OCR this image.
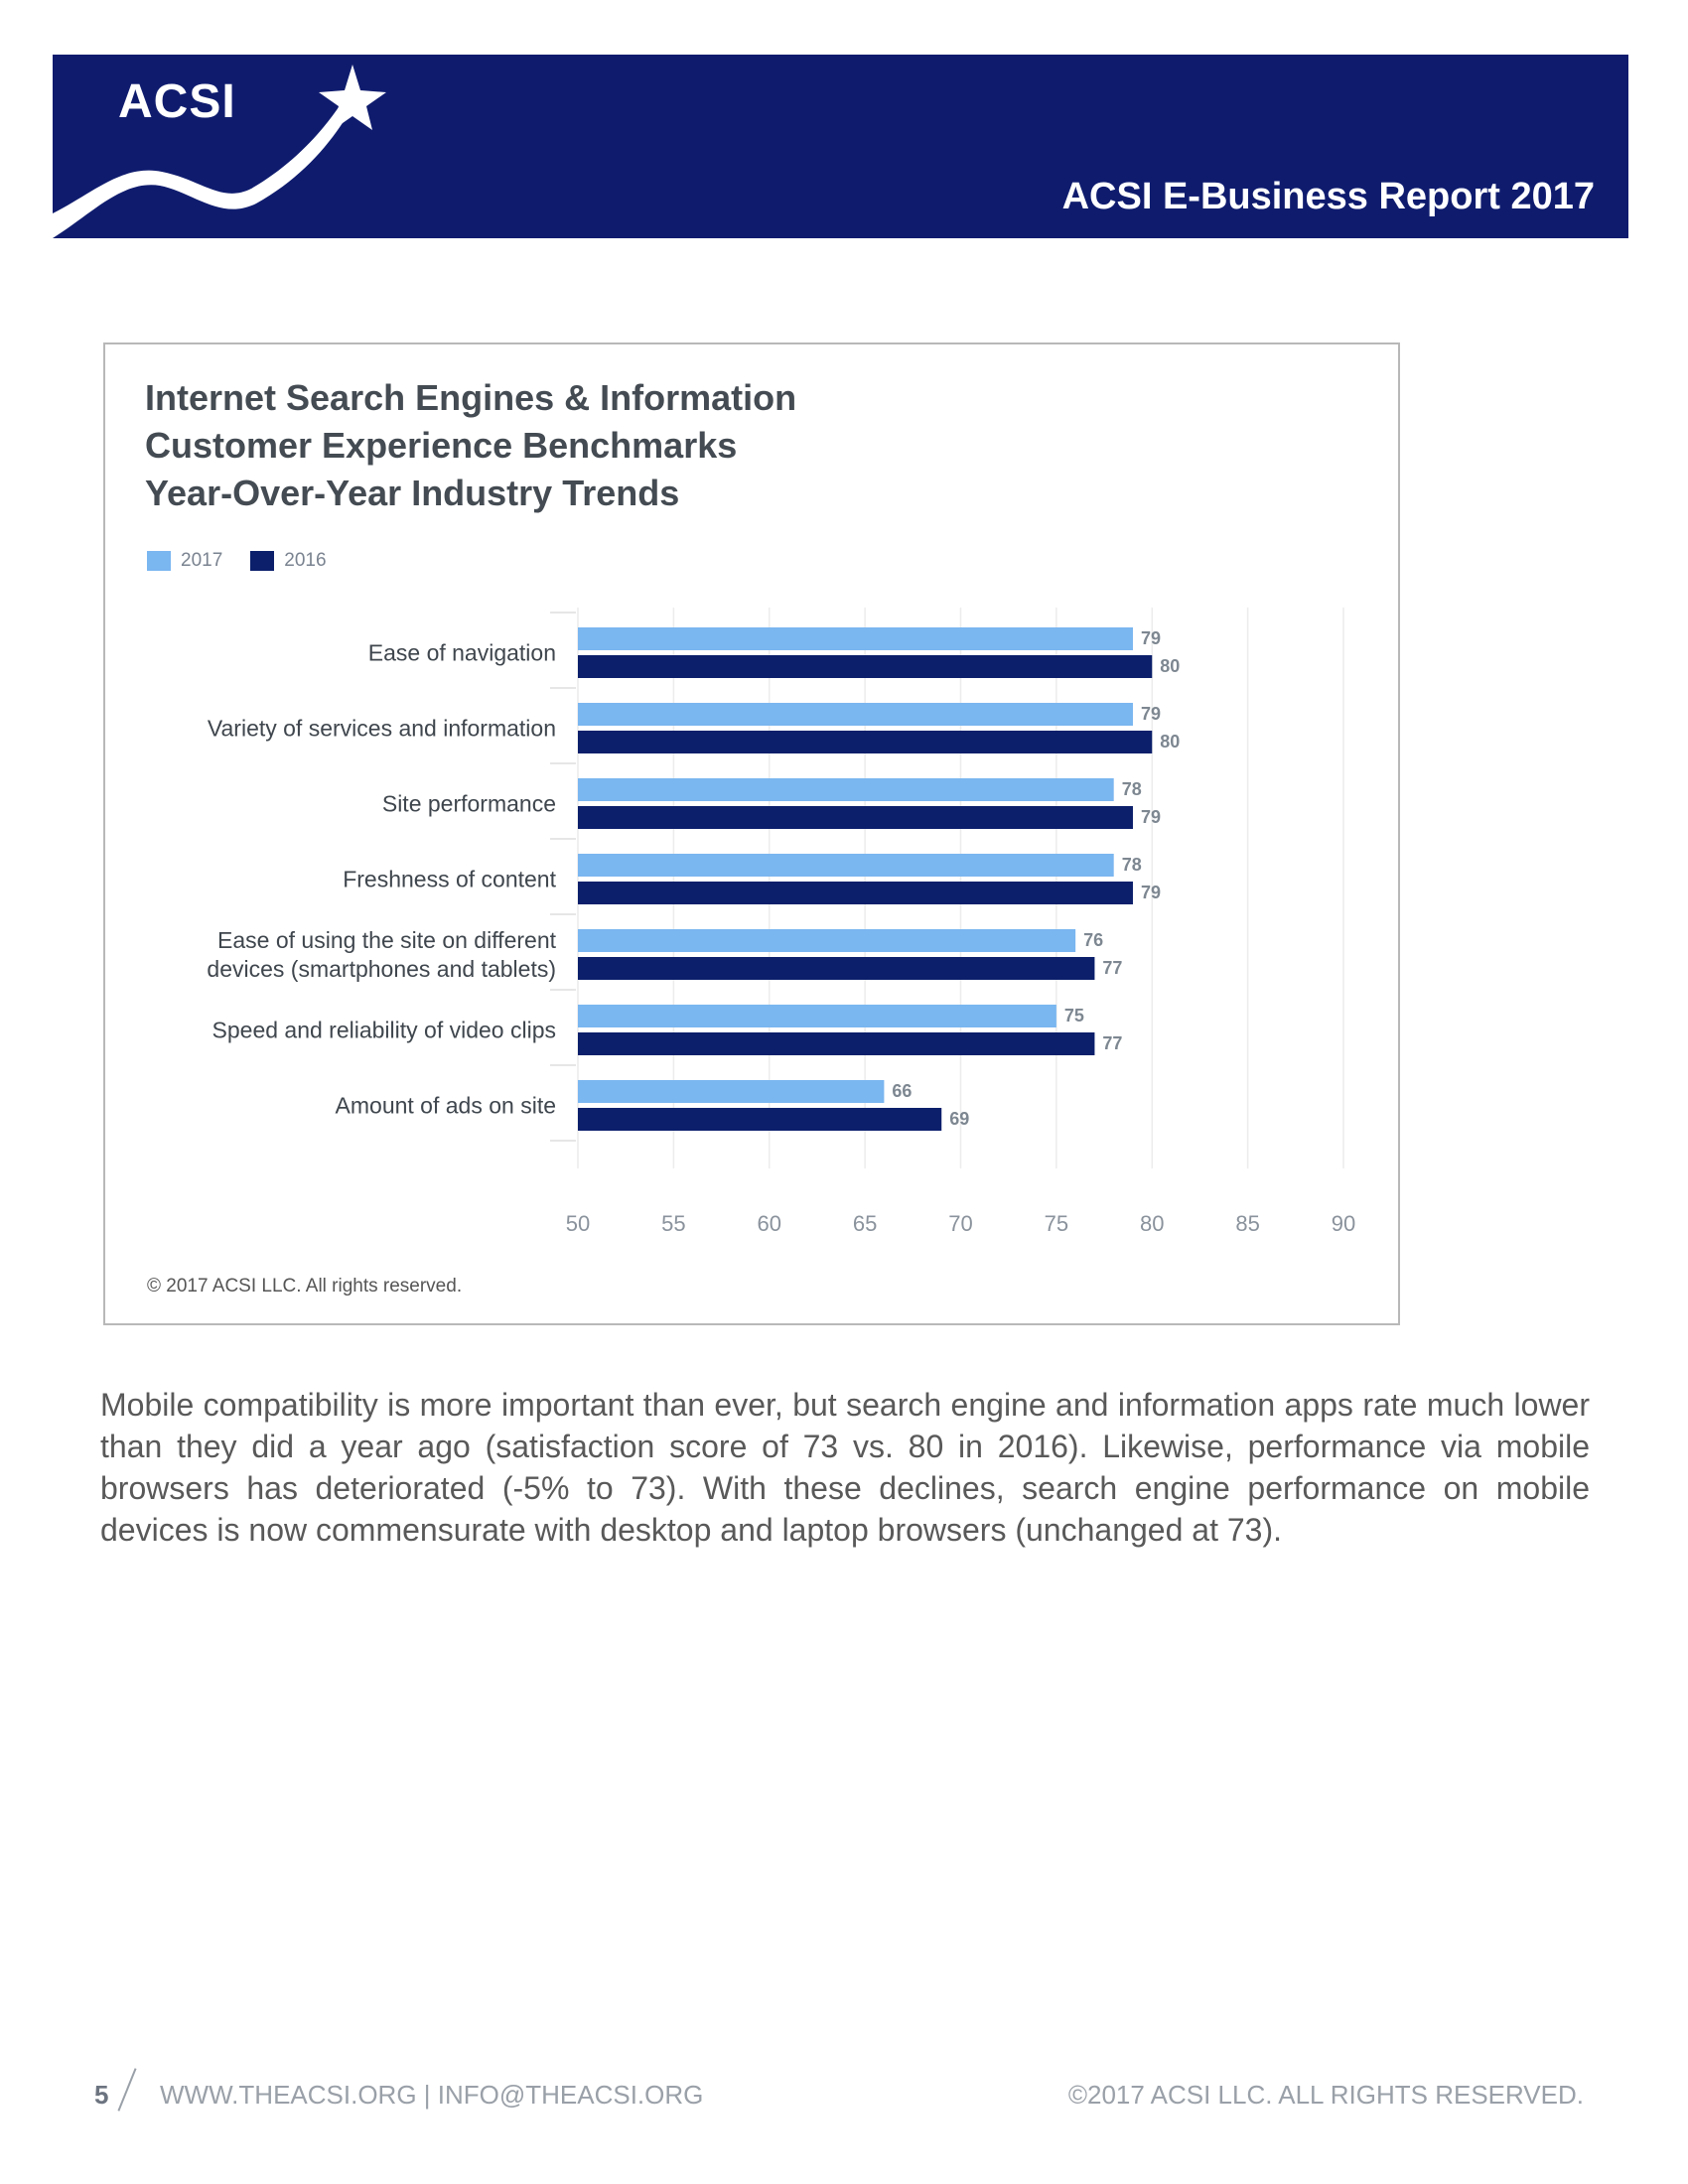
ACSI
ACSI E-Business Report 2017
Internet Search Engines & Information
Customer Experience Benchmarks
Year-Over-Year Industry Trends
2017	2016
50	55	60	65	70	75	80	85	90
Ease of navigation
79
80
Variety of services and information
79
80
Site performance
78
79
Freshness of content
78
79
Ease of using the site on different
devices (smartphones and tablets)
76
77
Speed and reliability of video clips
75
77
Amount of ads on site
66
69
© 2017 ACSI LLC. All rights reserved.
Mobile compatibility is more important than ever, but search engine and information apps rate much lower than they did a year ago (satisfaction score of 73 vs. 80 in 2016). Likewise, performance via mobile browsers has deteriorated (-5% to 73). With these declines, search engine performance on mobile devices is now commensurate with desktop and laptop browsers (unchanged at 73).
5 WWW.THEACSI.ORG | INFO@THEACSI.ORG	©2017 ACSI LLC. ALL RIGHTS RESERVED.
